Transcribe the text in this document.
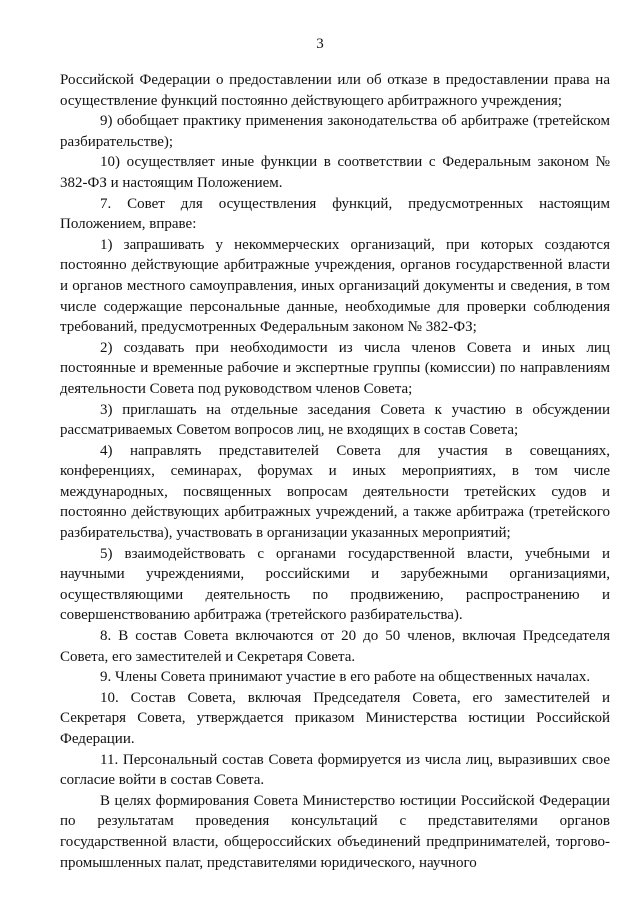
3

Российской Федерации о предоставлении или об отказе в предоставлении права на осуществление функций постоянно действующего арбитражного учреждения;

9) обобщает практику применения законодательства об арбитраже (третейском разбирательстве);

10) осуществляет иные функции в соответствии с Федеральным законом № 382-ФЗ и настоящим Положением.

7. Совет для осуществления функций, предусмотренных настоящим Положением, вправе:

1) запрашивать у некоммерческих организаций, при которых создаются постоянно действующие арбитражные учреждения, органов государственной власти и органов местного самоуправления, иных организаций документы и сведения, в том числе содержащие персональные данные, необходимые для проверки соблюдения требований, предусмотренных Федеральным законом № 382-ФЗ;

2) создавать при необходимости из числа членов Совета и иных лиц постоянные и временные рабочие и экспертные группы (комиссии) по направлениям деятельности Совета под руководством членов Совета;

3) приглашать на отдельные заседания Совета к участию в обсуждении рассматриваемых Советом вопросов лиц, не входящих в состав Совета;

4) направлять представителей Совета для участия в совещаниях, конференциях, семинарах, форумах и иных мероприятиях, в том числе международных, посвященных вопросам деятельности третейских судов и постоянно действующих арбитражных учреждений, а также арбитража (третейского разбирательства), участвовать в организации указанных мероприятий;

5) взаимодействовать с органами государственной власти, учебными и научными учреждениями, российскими и зарубежными организациями, осуществляющими деятельность по продвижению, распространению и совершенствованию арбитража (третейского разбирательства).

8. В состав Совета включаются от 20 до 50 членов, включая Председателя Совета, его заместителей и Секретаря Совета.

9. Члены Совета принимают участие в его работе на общественных началах.

10. Состав Совета, включая Председателя Совета, его заместителей и Секретаря Совета, утверждается приказом Министерства юстиции Российской Федерации.

11. Персональный состав Совета формируется из числа лиц, выразивших свое согласие войти в состав Совета.

В целях формирования Совета Министерство юстиции Российской Федерации по результатам проведения консультаций с представителями органов государственной власти, общероссийских объединений предпринимателей, торгово-промышленных палат, представителями юридического, научного
